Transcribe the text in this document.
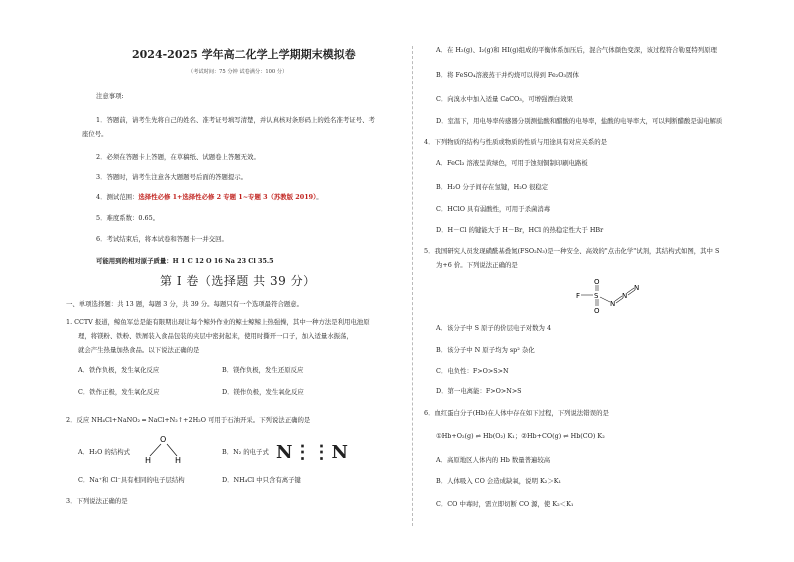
2024-2025 学年高二化学上学期期末模拟卷
（考试时间：75 分钟 试卷满分：100 分）
注意事项:
1．答题前，请考生先将自己的姓名、准考证号填写清楚，并认真核对条形码上的姓名准考证号、考
座位号。
2．必须在答题卡上答题，在草稿纸、试题卷上答题无效。
3．答题时，请考生注意各大题题号后面的答题提示。
4．测试范围：选择性必修 1+选择性必修 2 专题 1~专题 3（苏教版 2019）。
5．难度系数：0.65。
6．考试结束后，将本试卷和答题卡一并交回。
可能用到的相对原子质量：H 1 C 12 O 16 Na 23 Cl 35.5
第 I 卷（选择题 共 39 分）
一、单项选择题：共 13 题，每题 3 分，共 39 分。每题只有一个选项最符合题意。
1. CCTV 报道，鲸鱼军总是能有限期出现让每个鲸外作业的鲸士鲸鲸上热强操，其中一种方法是利用电池原
理，将镁粉、铁粉、铁屑装入食品包装的夹层中密封起来，使用时撕开一口子，加入适量水振荡，
就会产生热量加热食品。以下说法正确的是
A．铁作负极，发生氧化反应	B．镁作负极，发生还原反应
C．铁作正极，发生氧化反应	D．镁作负极，发生氧化反应
2．反应 NH₄Cl+NaNO₂ ═ NaCl+N₂↑+2H₂O 可用于石油开采。下列说法正确的是
A．H₂O 的结构式
O
H	H
B．N₂ 的电子式 N⋮⋮N
C．Na⁺和 Cl⁻具有相同的电子层结构	D．NH₄Cl 中只含有离子键
3．下列说法正确的是
A．在 H₂(g)、I₂(g)和 HI(g)组成的平衡体系加压后，混合气体颜色变深，该过程符合勒夏特列原理
B．将 FeSO₄溶液蒸干并灼烧可以得到 Fe₂O₃固体
C．向溴水中加入适量 CaCO₃，可增强漂白效果
D．室温下，用电导率传感器分别测盐酸和醋酸的电导率，盐酸的电导率大，可以判断醋酸是弱电解质
4．下列物质的结构与性质或物质的性质与用途具有对应关系的是
A．FeCl₃ 溶液呈黄绿色，可用于蚀刻铜制印刷电路板
B．H₂O 分子间存在氢键，H₂O 很稳定
C．HClO 具有弱酸性，可用于杀菌消毒
D．H－Cl 的键能大于 H－Br，HCl 的热稳定性大于 HBr
5．我国研究人员发现磺酰基叠氮(FSO₂N₃)是一种安全、高效的"点击化学"试剂，其结构式如图，其中 S
为+6 价。下列说法正确的是
F S
O
O
N
N
N
A．该分子中 S 原子的价层电子对数为 4
B．该分子中 N 原子均为 sp² 杂化
C．电负性：F>O>S>N
D．第一电离能：F>O>N>S
6．血红蛋白分子(Hb)在人体中存在如下过程，下列说法错误的是
①Hb+O₂(g) ⇌ Hb(O₂) K₁；②Hb+CO(g) ⇌ Hb(CO) K₂
A．高原地区人体内的 Hb 数量普遍较高
B．人体吸入 CO 会造成缺氧，说明 K₂＞K₁
C．CO 中毒时，需立即切断 CO 源，使 K₂＜K₁
